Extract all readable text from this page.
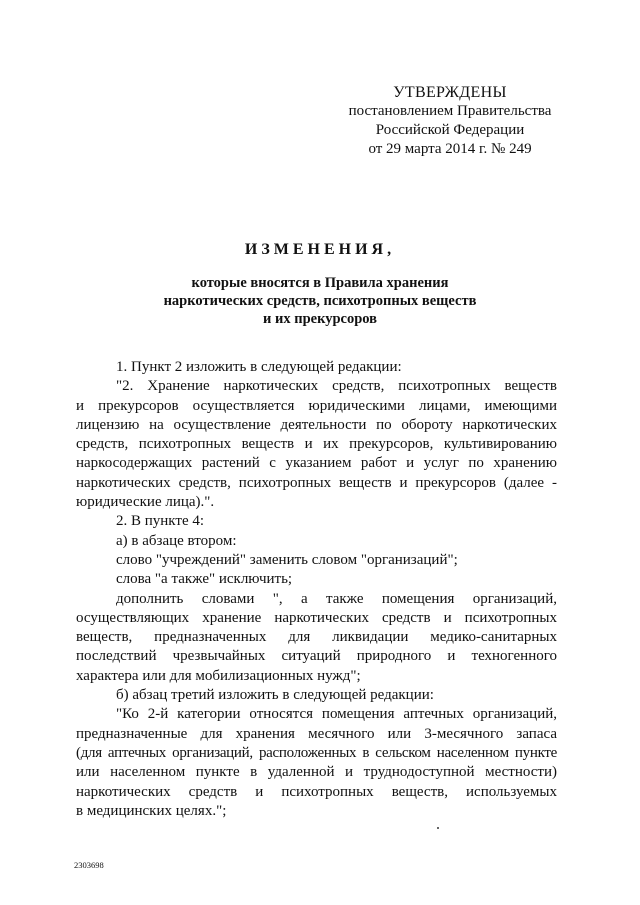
УТВЕРЖДЕНЫ
постановлением Правительства
Российской Федерации
от 29 марта 2014 г. № 249
ИЗМЕНЕНИЯ,
которые вносятся в Правила хранения
наркотических средств, психотропных веществ
и их прекурсоров
1. Пункт 2 изложить в следующей редакции:
"2. Хранение наркотических средств, психотропных веществ
и прекурсоров осуществляется юридическими лицами, имеющими
лицензию на осуществление деятельности по обороту наркотических
средств, психотропных веществ и их прекурсоров, культивированию
наркосодержащих растений с указанием работ и услуг по хранению
наркотических средств, психотропных веществ и прекурсоров (далее -
юридические лица).".
2. В пункте 4:
а) в абзаце втором:
слово "учреждений" заменить словом "организаций";
слова "а также" исключить;
дополнить словами ", а также помещения организаций,
осуществляющих хранение наркотических средств и психотропных
веществ, предназначенных для ликвидации медико-санитарных
последствий чрезвычайных ситуаций природного и техногенного
характера или для мобилизационных нужд";
б) абзац третий изложить в следующей редакции:
"Ко 2-й категории относятся помещения аптечных организаций,
предназначенные для хранения месячного или 3-месячного запаса
(для аптечных организаций, расположенных в сельском населенном пункте
или населенном пункте в удаленной и труднодоступной местности)
наркотических средств и психотропных веществ, используемых
в медицинских целях.";
2303698
